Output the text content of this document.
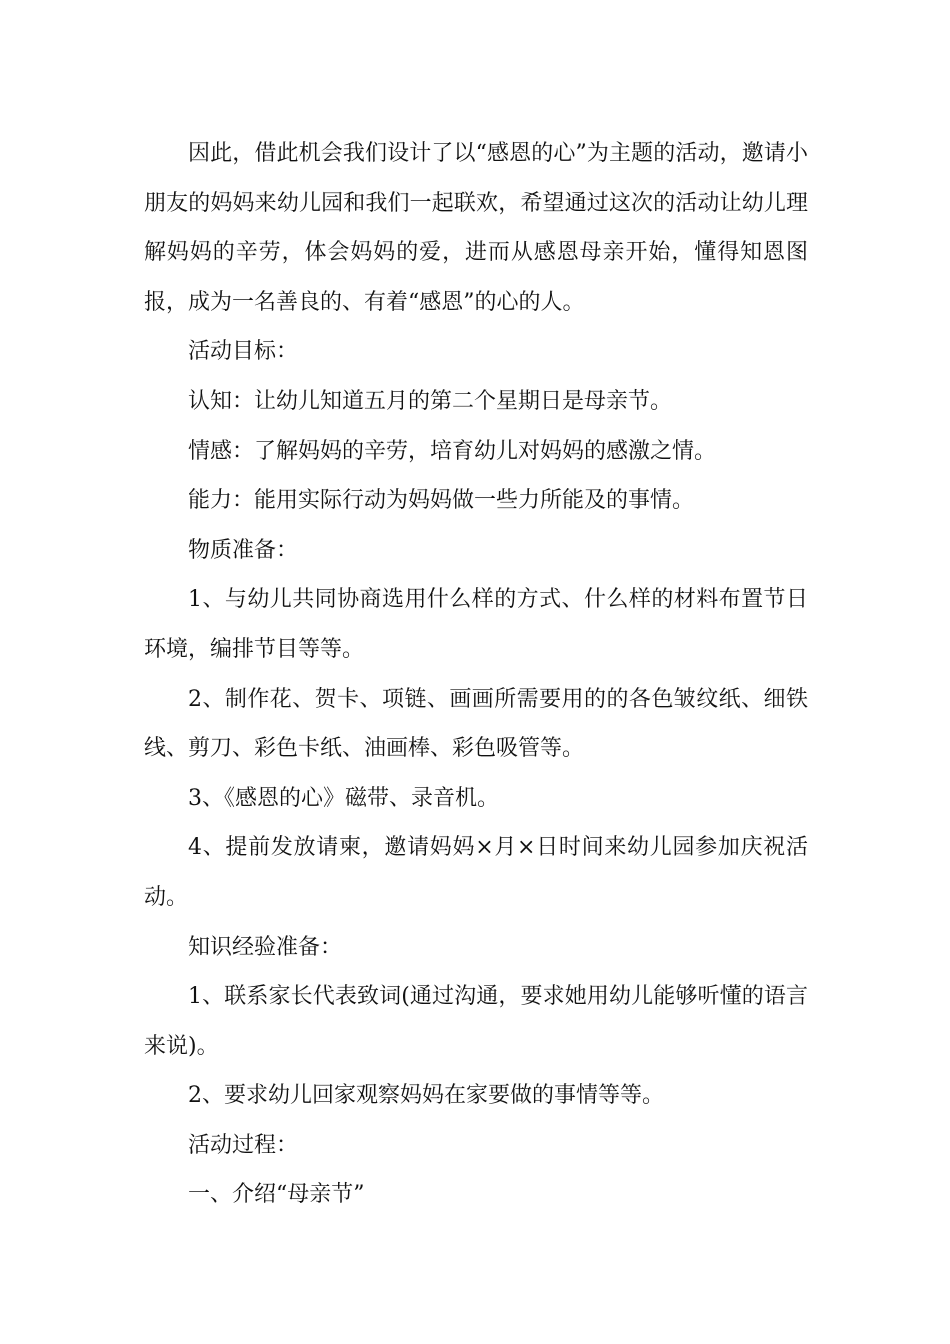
因此，借此机会我们设计了以“感恩的心”为主题的活动，邀请小朋友的妈妈来幼儿园和我们一起联欢，希望通过这次的活动让幼儿理解妈妈的辛劳，体会妈妈的爱，进而从感恩母亲开始，懂得知恩图报，成为一名善良的、有着“感恩”的心的人。

活动目标：

认知：让幼儿知道五月的第二个星期日是母亲节。

情感：了解妈妈的辛劳，培育幼儿对妈妈的感激之情。

能力：能用实际行动为妈妈做一些力所能及的事情。

物质准备：

1、与幼儿共同协商选用什么样的方式、什么样的材料布置节日环境，编排节目等等。

2、制作花、贺卡、项链、画画所需要用的的各色皱纹纸、细铁线、剪刀、彩色卡纸、油画棒、彩色吸管等。

3、《感恩的心》磁带、录音机。

4、提前发放请柬，邀请妈妈×月×日时间来幼儿园参加庆祝活动。

知识经验准备：

1、联系家长代表致词(通过沟通，要求她用幼儿能够听懂的语言来说)。

2、要求幼儿回家观察妈妈在家要做的事情等等。

活动过程：

一、介绍“母亲节”
